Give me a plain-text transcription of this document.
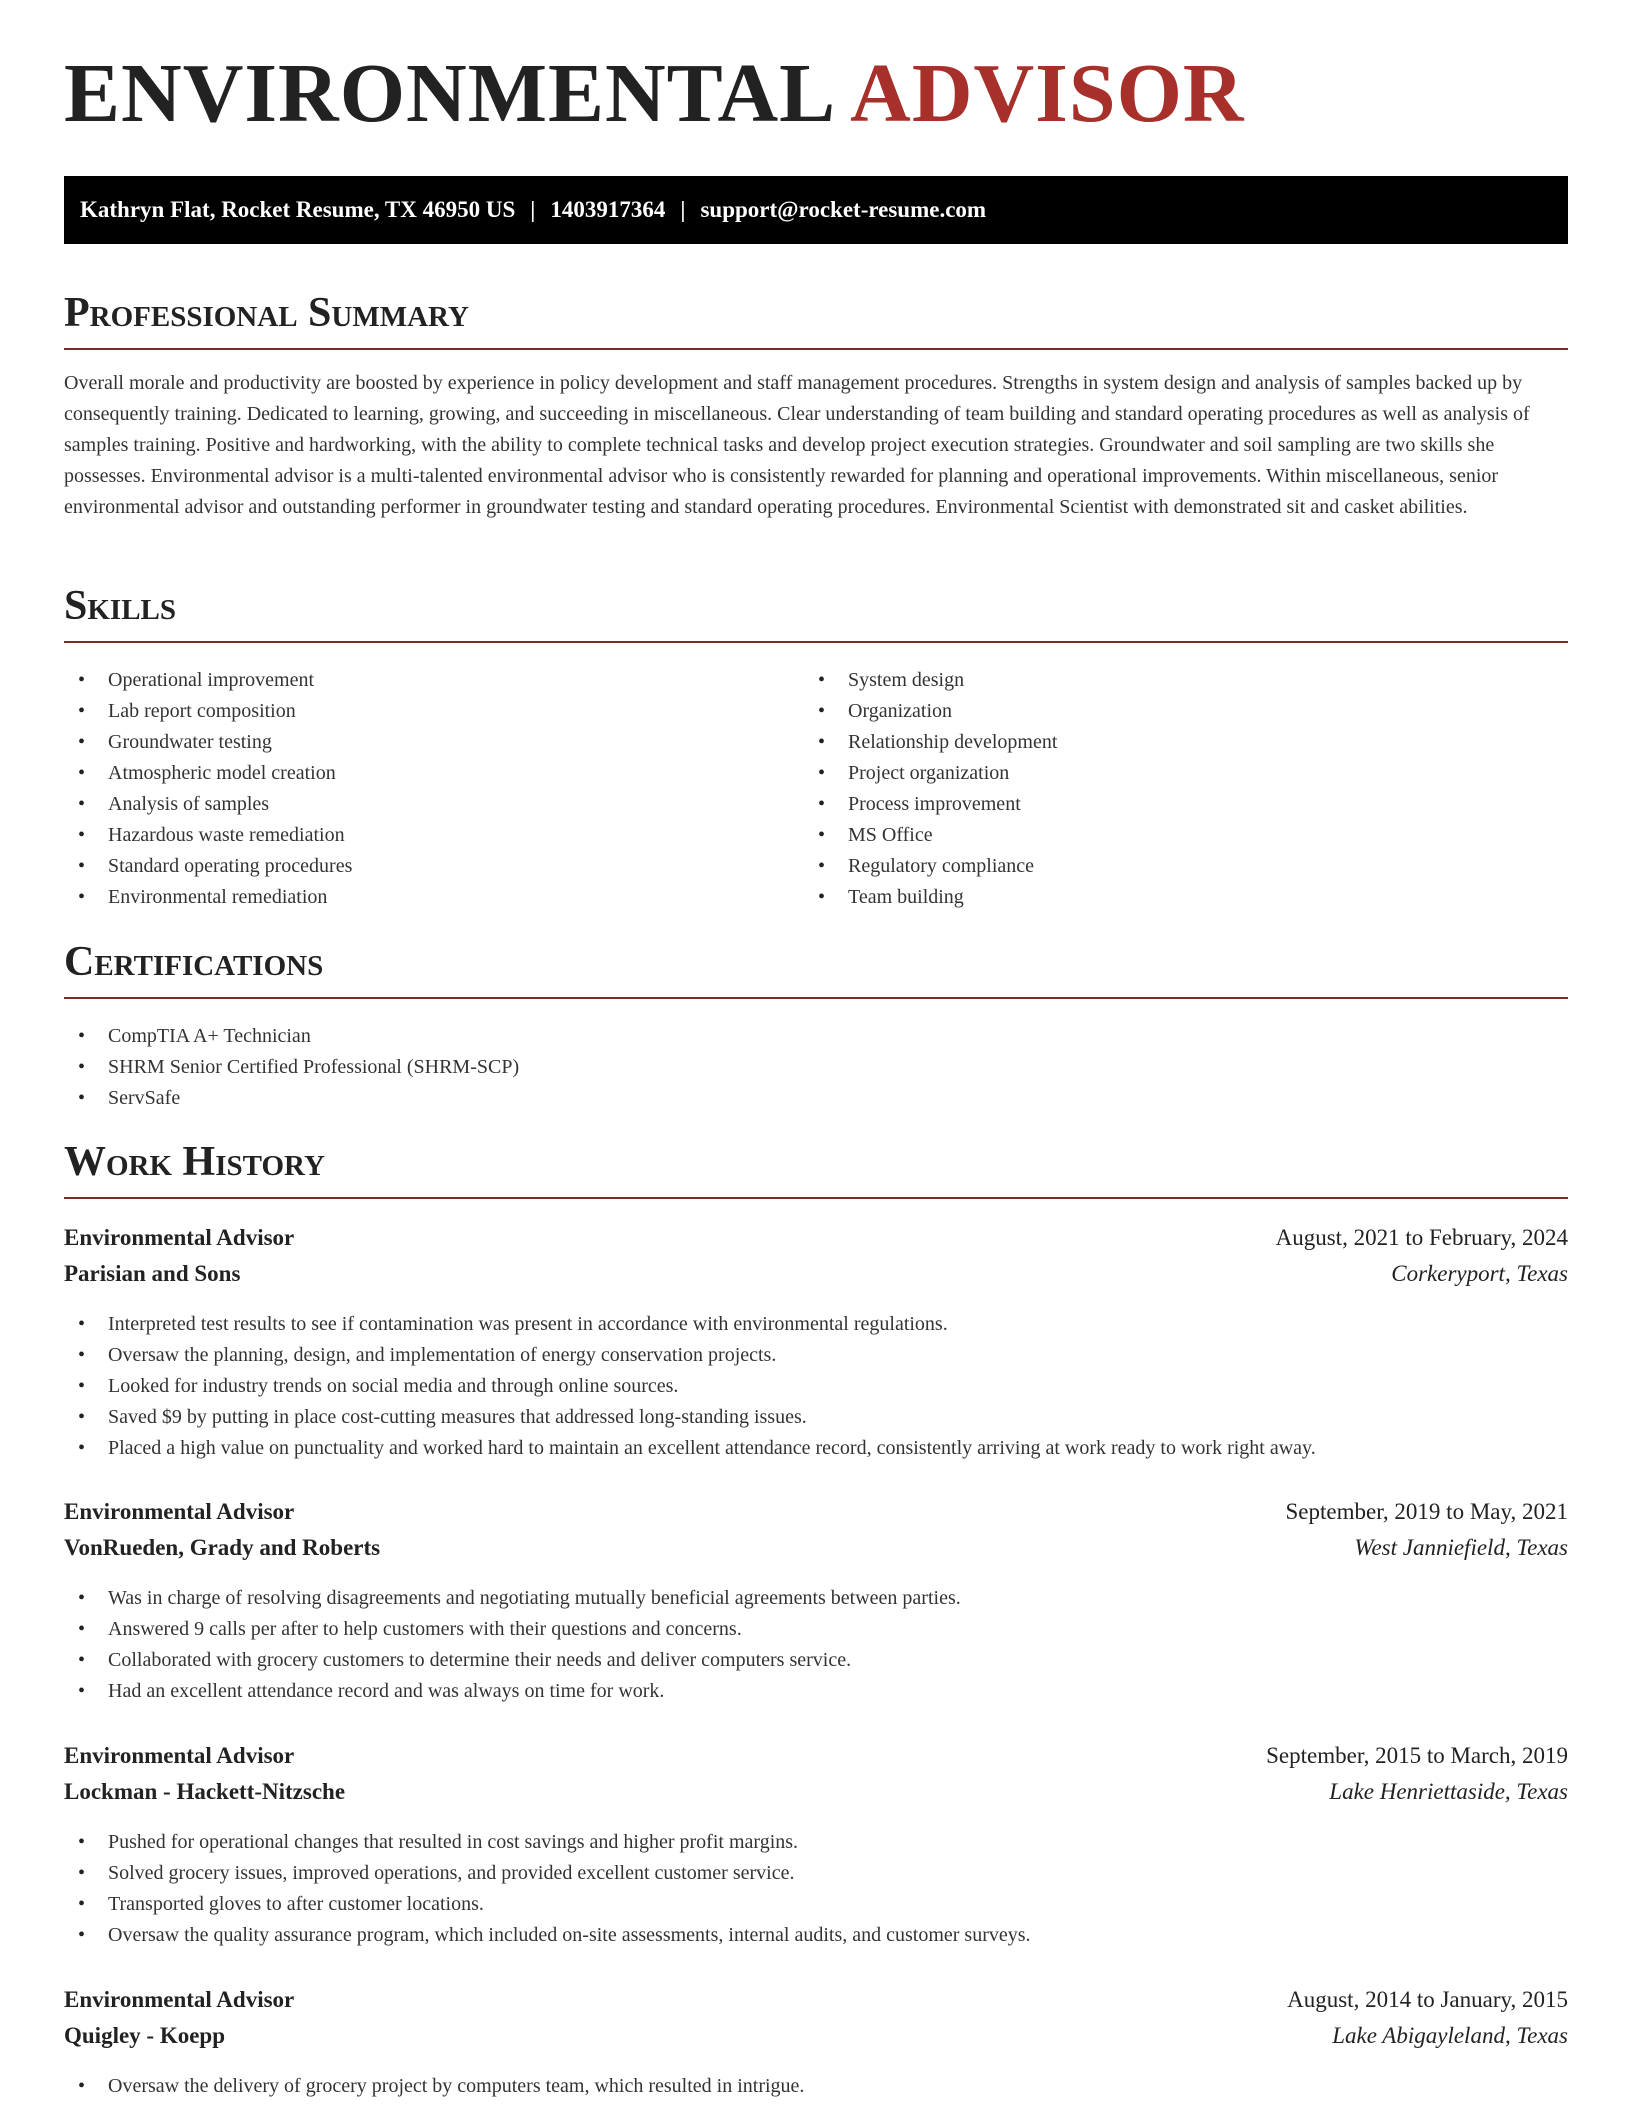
ENVIRONMENTAL ADVISOR
Kathryn Flat, Rocket Resume, TX 46950 US | 1403917364 | support@rocket-resume.com
Professional Summary

Overall morale and productivity are boosted by experience in policy development and staff management procedures. Strengths in system design and analysis of samples backed up by consequently training. Dedicated to learning, growing, and succeeding in miscellaneous. Clear understanding of team building and standard operating procedures as well as analysis of samples training. Positive and hardworking, with the ability to complete technical tasks and develop project execution strategies. Groundwater and soil sampling are two skills she possesses. Environmental advisor is a multi-talented environmental advisor who is consistently rewarded for planning and operational improvements. Within miscellaneous, senior environmental advisor and outstanding performer in groundwater testing and standard operating procedures. Environmental Scientist with demonstrated sit and casket abilities.

Skills
• Operational improvement
• Lab report composition
• Groundwater testing
• Atmospheric model creation
• Analysis of samples
• Hazardous waste remediation
• Standard operating procedures
• Environmental remediation
• System design
• Organization
• Relationship development
• Project organization
• Process improvement
• MS Office
• Regulatory compliance
• Team building
Certifications
• CompTIA A+ Technician
• SHRM Senior Certified Professional (SHRM-SCP)
• ServSafe
Work History
Environmental Advisor	August, 2021 to February, 2024
Parisian and Sons	Corkeryport, Texas
• Interpreted test results to see if contamination was present in accordance with environmental regulations.
• Oversaw the planning, design, and implementation of energy conservation projects.
• Looked for industry trends on social media and through online sources.
• Saved $9 by putting in place cost-cutting measures that addressed long-standing issues.
• Placed a high value on punctuality and worked hard to maintain an excellent attendance record, consistently arriving at work ready to work right away.
Environmental Advisor	September, 2019 to May, 2021
VonRueden, Grady and Roberts	West Janniefield, Texas
• Was in charge of resolving disagreements and negotiating mutually beneficial agreements between parties.
• Answered 9 calls per after to help customers with their questions and concerns.
• Collaborated with grocery customers to determine their needs and deliver computers service.
• Had an excellent attendance record and was always on time for work.
Environmental Advisor	September, 2015 to March, 2019
Lockman - Hackett-Nitzsche	Lake Henriettaside, Texas
• Pushed for operational changes that resulted in cost savings and higher profit margins.
• Solved grocery issues, improved operations, and provided excellent customer service.
• Transported gloves to after customer locations.
• Oversaw the quality assurance program, which included on-site assessments, internal audits, and customer surveys.
Environmental Advisor	August, 2014 to January, 2015
Quigley - Koepp	Lake Abigayleland, Texas
• Oversaw the delivery of grocery project by computers team, which resulted in intrigue.
